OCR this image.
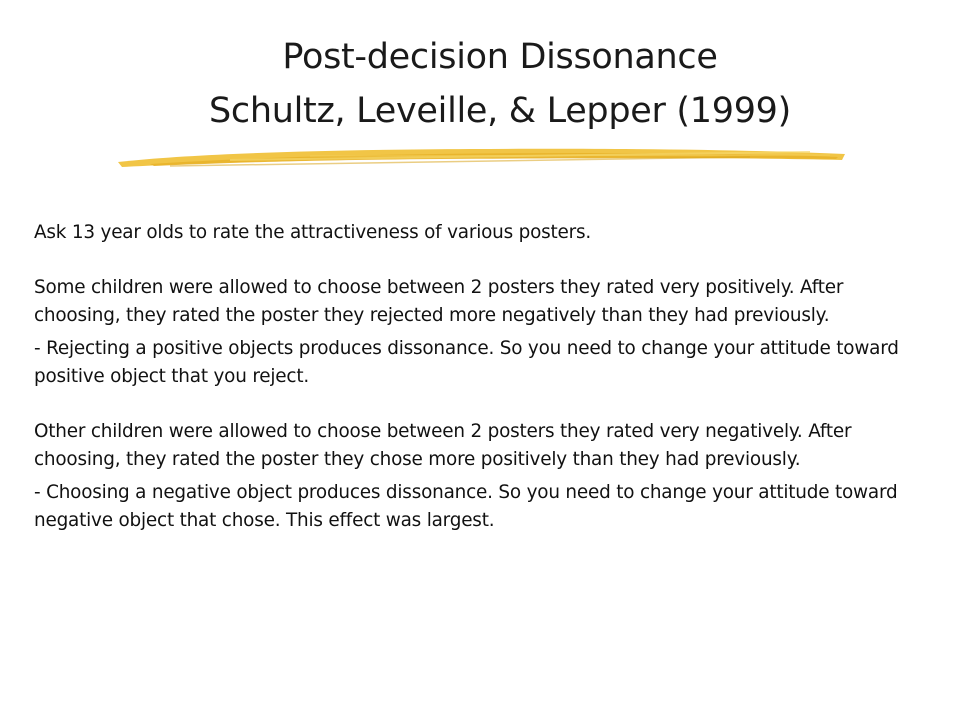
Post-decision Dissonance
Schultz, Leveille, & Lepper (1999)

Ask 13 year olds to rate the attractiveness of various posters.

Some children were allowed to choose between 2 posters they rated very positively. After choosing, they rated the poster they rejected more negatively than they had previously.

- Rejecting a positive objects produces dissonance. So you need to change your attitude toward positive object that you reject.

Other children were allowed to choose between 2 posters they rated very negatively. After choosing, they rated the poster they chose more positively than they had previously.

- Choosing a negative object produces dissonance. So you need to change your attitude toward negative object that chose. This effect was largest.
